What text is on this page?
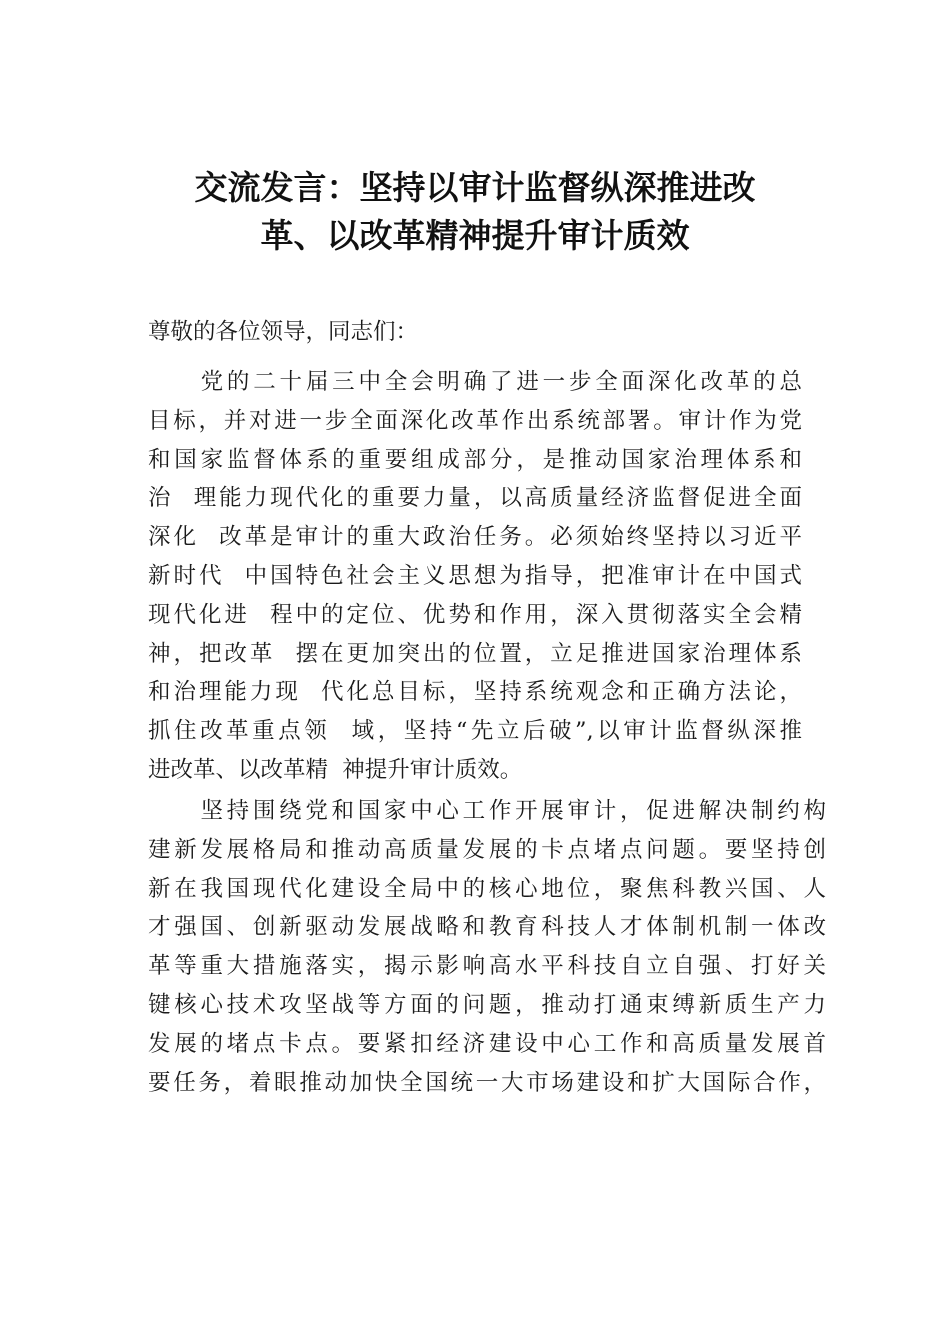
交流发言：坚持以审计监督纵深推进改
革、以改革精神提升审计质效
尊敬的各位领导，同志们：
　　党的二十届三中全会明确了进一步全面深化改革的总
目标，并对进一步全面深化改革作出系统部署。审计作为党
和国家监督体系的重要组成部分，是推动国家治理体系和
治  理能力现代化的重要力量，以高质量经济监督促进全面
深化  改革是审计的重大政治任务。必须始终坚持以习近平
新时代  中国特色社会主义思想为指导，把准审计在中国式
现代化进  程中的定位、优势和作用，深入贯彻落实全会精
神，把改革  摆在更加突出的位置，立足推进国家治理体系
和治理能力现  代化总目标，坚持系统观念和正确方法论，
抓住改革重点领  域，坚持“先立后破”,以审计监督纵深推
进改革、以改革精  神提升审计质效。
　　坚持围绕党和国家中心工作开展审计，促进解决制约构
建新发展格局和推动高质量发展的卡点堵点问题。要坚持创
新在我国现代化建设全局中的核心地位，聚焦科教兴国、人
才强国、创新驱动发展战略和教育科技人才体制机制一体改
革等重大措施落实，揭示影响高水平科技自立自强、打好关
键核心技术攻坚战等方面的问题，推动打通束缚新质生产力
发展的堵点卡点。要紧扣经济建设中心工作和高质量发展首
要任务，着眼推动加快全国统一大市场建设和扩大国际合作，
